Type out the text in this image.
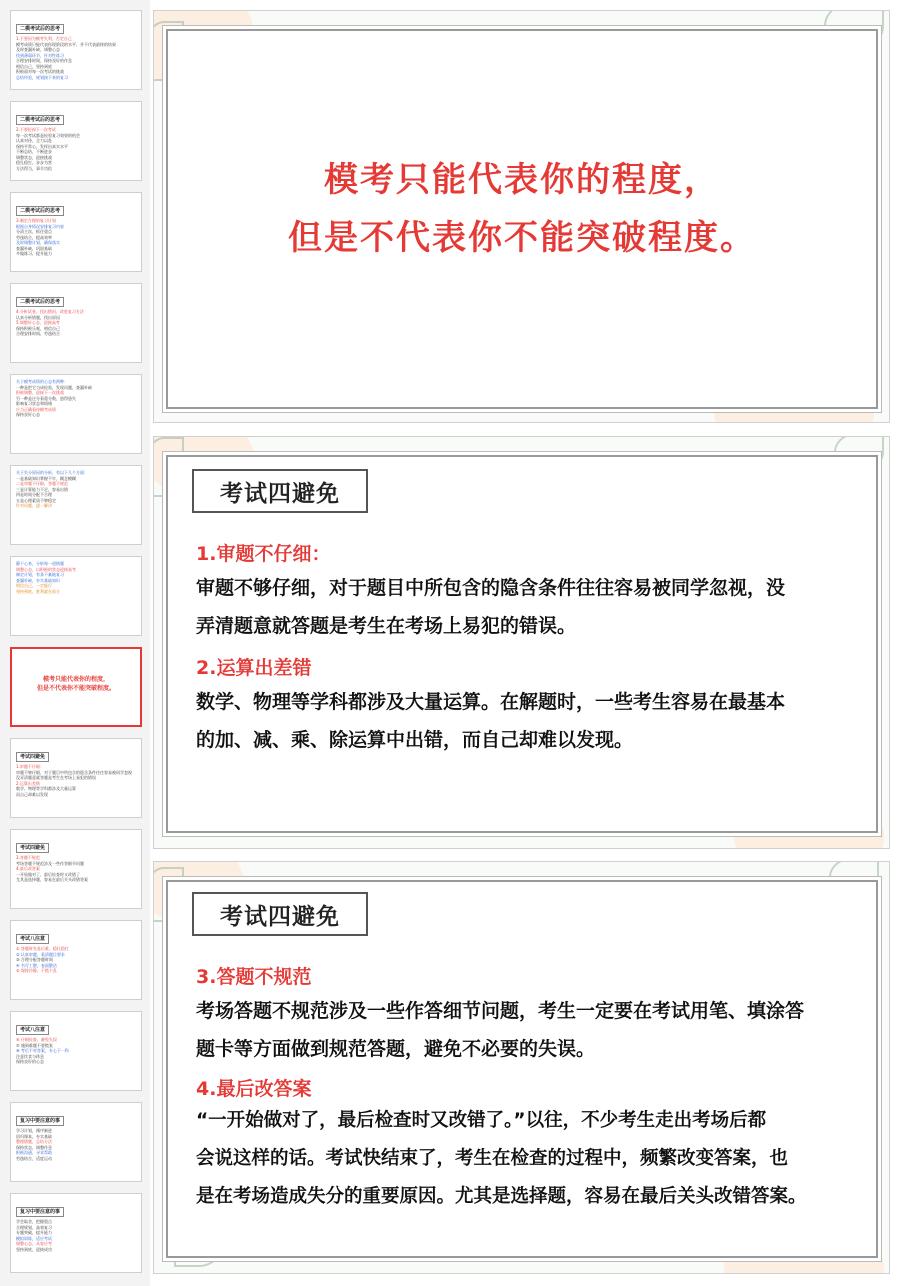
二模考试后的思考
1.不要因为模考失利，否定自己
模考成绩只能代表你现阶段的水平，并不代表最终的结果
及时查漏补缺，调整心态
找到薄弱环节，针对性练习
合理安排时间，保持良好的作息
相信自己，坚持到底
积极面对每一次考试的挑战
总结经验，规划接下来的复习
二模考试后的思考
2.不要轻视下一次考试
每一次考试都是检验复习效果的机会
认真对待，全力以赴
保持平常心，发挥出真实水平
不断总结，不断进步
调整状态，迎接挑战
稳扎稳打，步步为营
方法得当，事半功倍
二模考试后的思考
3.制定合理的复习计划
根据自身情况安排复习内容
分清主次，抓住重点
劳逸结合，提高效率
及时调整计划，确保落实
查漏补缺，巩固基础
多做练习，提升能力
二模考试后的思考
4.分析试卷，找出错因，改进复习方法
认真分析错题，找出原因
5.调整好心态，迎接高考
保持积极乐观，相信自己
合理安排时间，劳逸结合
关于模考成绩的心态有两种：
一种是把它当成检验，发现问题，查漏补缺
积极调整，迎接下一次挑战
另一种是过分看重分数，患得患失
影响复习状态和情绪
应当正确看待模考成绩
保持良好心态
关于失分原因的分析，有以下几个方面：
一是基础知识掌握不牢，概念模糊
二是审题不仔细，答题不规范
三是计算能力不足，容易出错
四是时间分配不合理
五是心理素质不够稳定
针对问题，逐一解决
静下心来，分析每一道错题
调整心态，以积极的状态迎接高考
制定计划，有条不紊地复习
查漏补缺，夯实基础知识
相信自己，一定能行
坚持到底，胜利就在前方
模考只能代表你的程度，
但是不代表你不能突破程度。
考试四避免
1.审题不仔细：
审题不够仔细，对于题目中所包含的隐含条件往往容易被同学忽视
没弄清题意就答题是考生在考场上易犯的错误
2.运算出差错
数学、物理等学科都涉及大量运算
而自己却难以发现
考试四避免
3.答题不规范
考场答题不规范涉及一些作答细节问题
4.最后改答案
一开始做对了，最后检查时又改错了
尤其是选择题，容易在最后关头改错答案
考试八注意
① 答题时先易后难，稳扎稳打
② 认真审题，看清题目要求
③ 合理分配答题时间
④ 书写工整，卷面整洁
⑤ 保持冷静，不慌不乱
考试八注意
⑥ 仔细检查，避免失误
⑦ 遇到难题不要慌张
⑧ 考后不对答案，专心下一科
注意饮食与休息
保持良好的心态
复习中要注意的事
学习计划，循序渐进
回归课本，夯实基础
整理错题，总结方法
保持状态，调整作息
积极沟通，寻求帮助
劳逸结合，适度运动
复习中要注意的事
学会取舍，把握重点
合理规划，高效复习
专题突破，提升能力
模拟训练，适应考试
调整心态，从容应考
坚持到底，迎接成功
模考只能代表你的程度，
但是不代表你不能突破程度。
考试四避免
1.审题不仔细：
审题不够仔细，对于题目中所包含的隐含条件往往容易被同学忽视，没
弄清题意就答题是考生在考场上易犯的错误。
2.运算出差错
数学、物理等学科都涉及大量运算。在解题时，一些考生容易在最基本
的加、减、乘、除运算中出错，而自己却难以发现。
考试四避免
3.答题不规范
考场答题不规范涉及一些作答细节问题，考生一定要在考试用笔、填涂答
题卡等方面做到规范答题，避免不必要的失误。
4.最后改答案
“一开始做对了，最后检查时又改错了。”以往，不少考生走出考场后都
会说这样的话。考试快结束了，考生在检查的过程中，频繁改变答案，也
是在考场造成失分的重要原因。尤其是选择题，容易在最后关头改错答案。
